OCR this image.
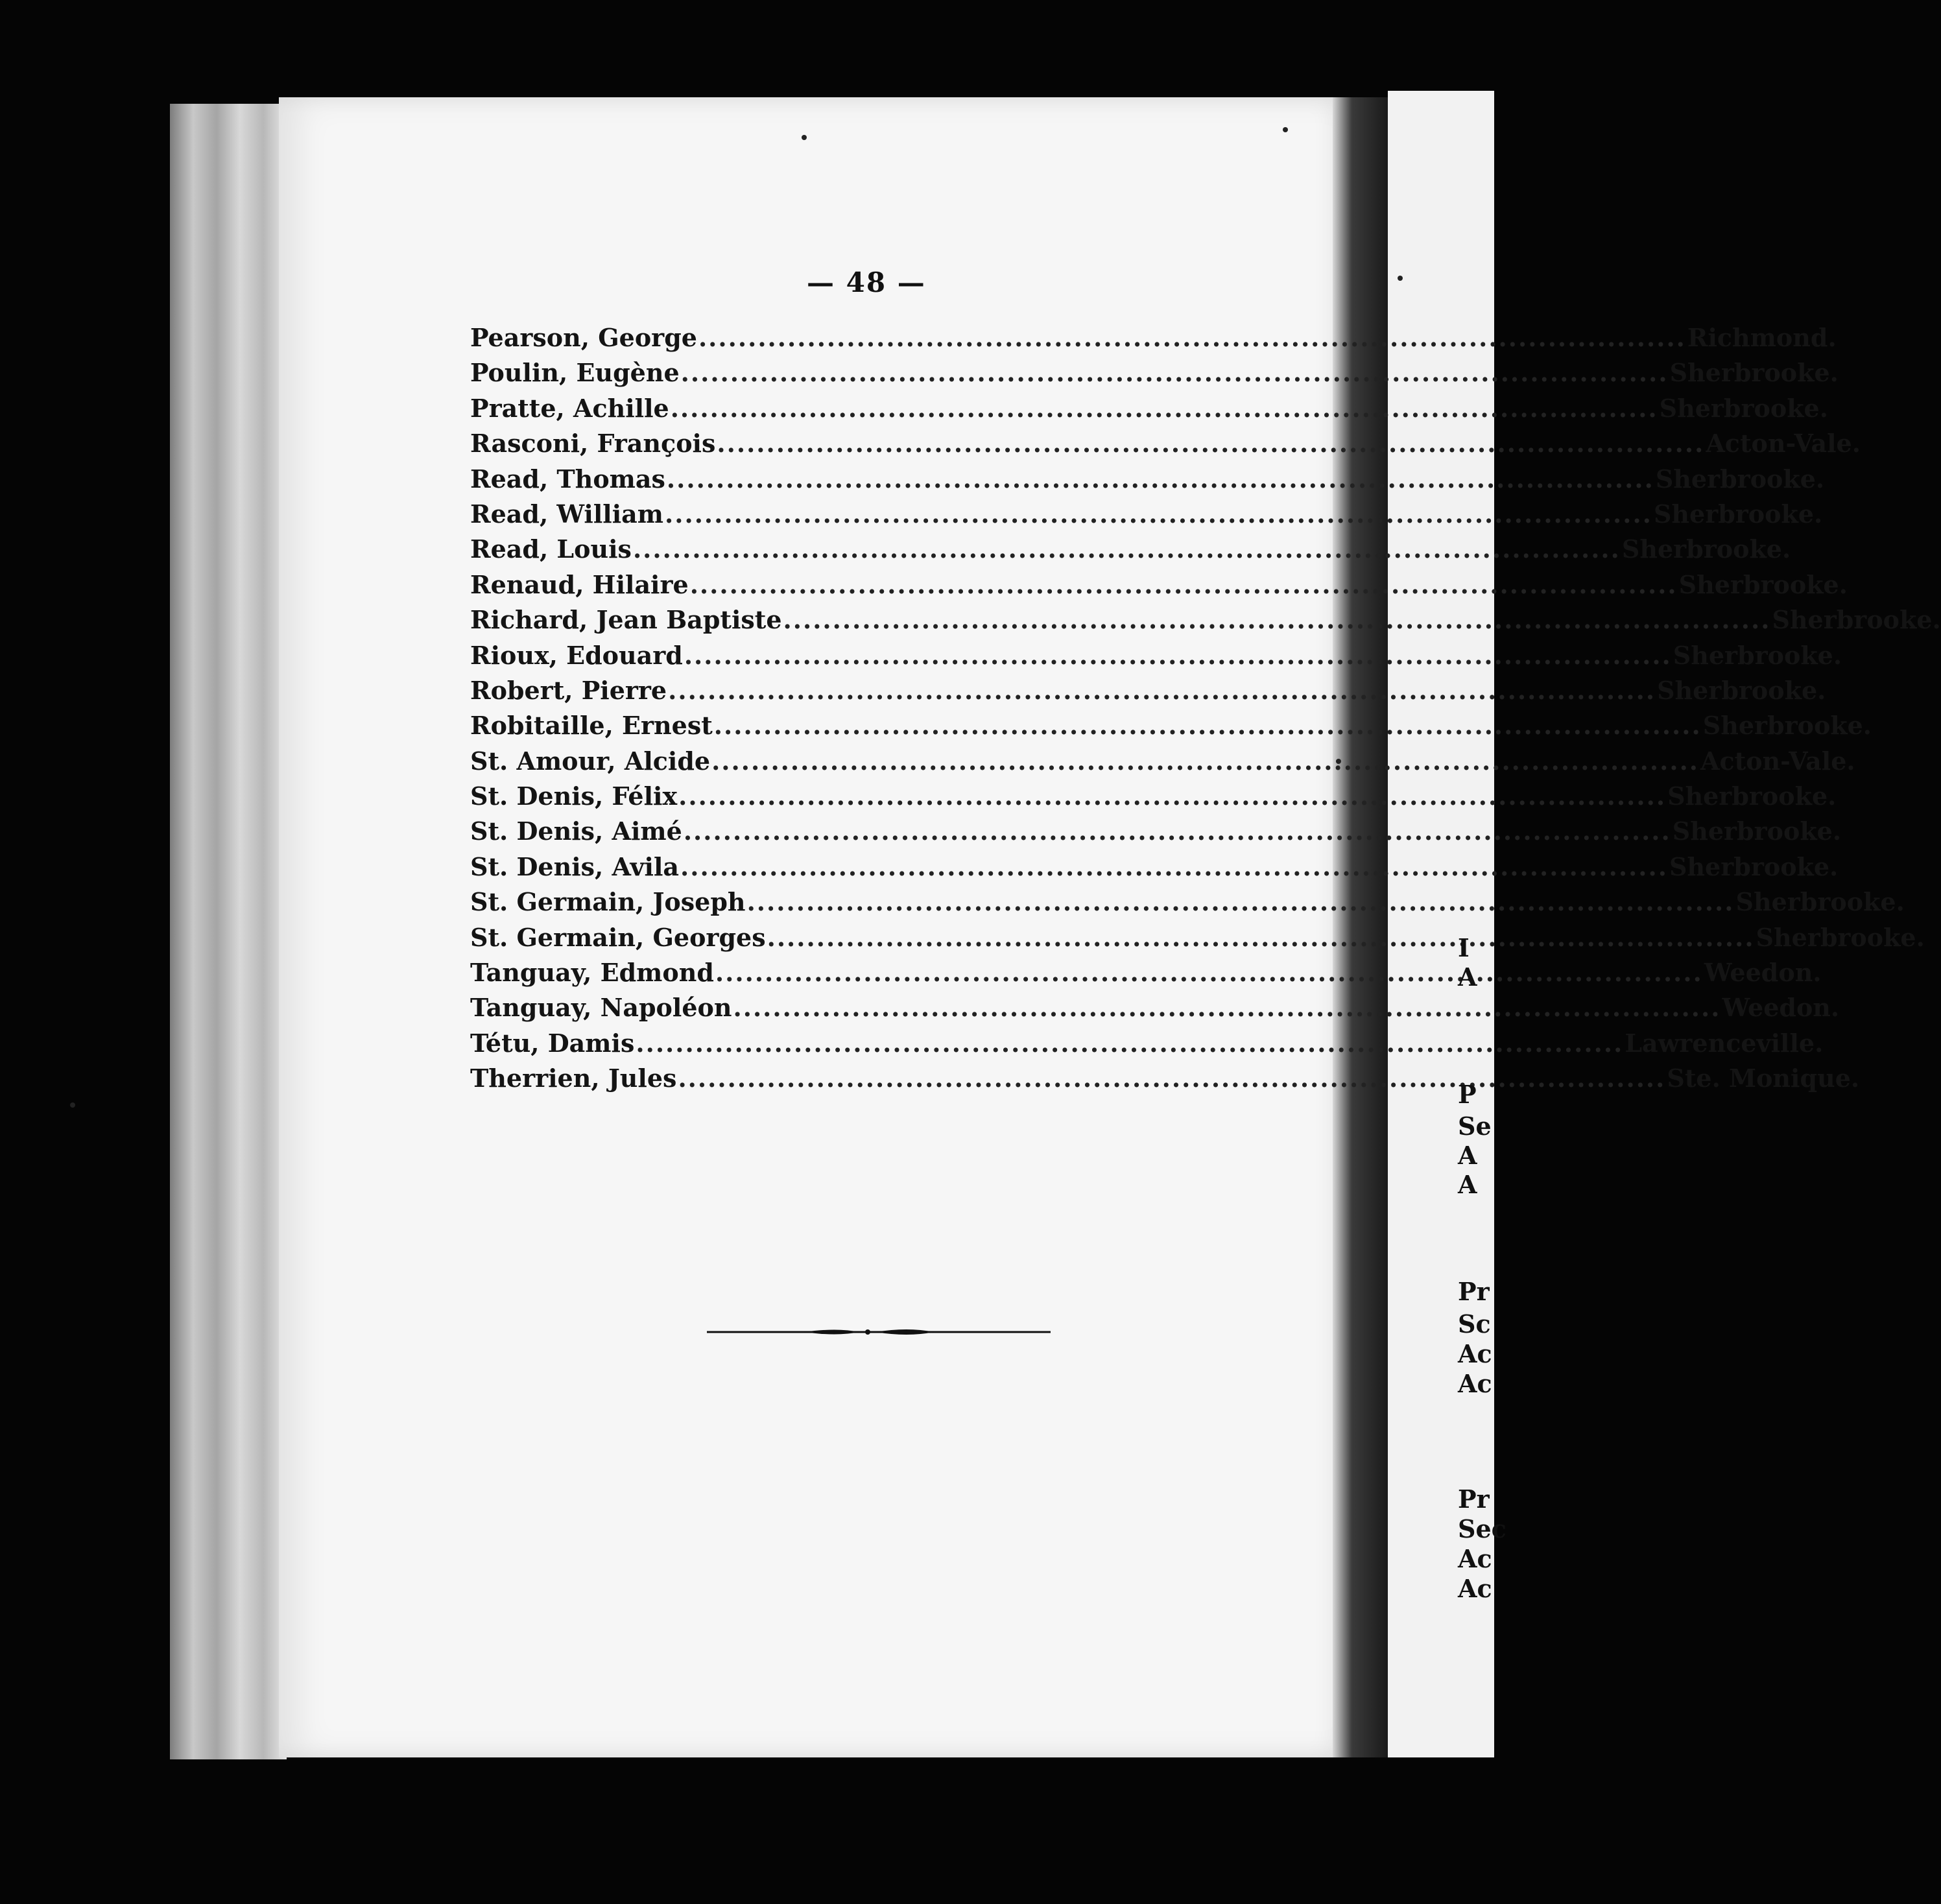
— 48 —
Pearson, George .....	Richmond.
Poulin, Eugène .....	Sherbrooke.
Pratte, Achille .....	Sherbrooke.
Rasconi, François .....	Acton-Vale.
Read, Thomas .....	Sherbrooke.
Read, William .....	Sherbrooke.
Read, Louis .....	Sherbrooke.
Renaud, Hilaire .....	Sherbrooke.
Richard, Jean Baptiste .....	Sherbrooke.
Rioux, Edouard .....	Sherbrooke.
Robert, Pierre .....	Sherbrooke.
Robitaille, Ernest .....	Sherbrooke.
St. Amour, Alcide .....	Acton-Vale.
St. Denis, Félix .....	Sherbrooke.
St. Denis, Aimé .....	Sherbrooke.
St. Denis, Avila .....	Sherbrooke.
St. Germain, Joseph .....	Sherbrooke.
St. Germain, Georges .....	Sherbrooke.
Tanguay, Edmond .....	Weedon.
Tanguay, Napoléon .....	Weedon.
Tétu, Damis .....	Lawrenceville.
Therrien, Jules .....	Ste. Monique.
I
A
P
Se
A
A
Pr
Sc
Ac
Ac
Pr
Sec
Ac
Ac
